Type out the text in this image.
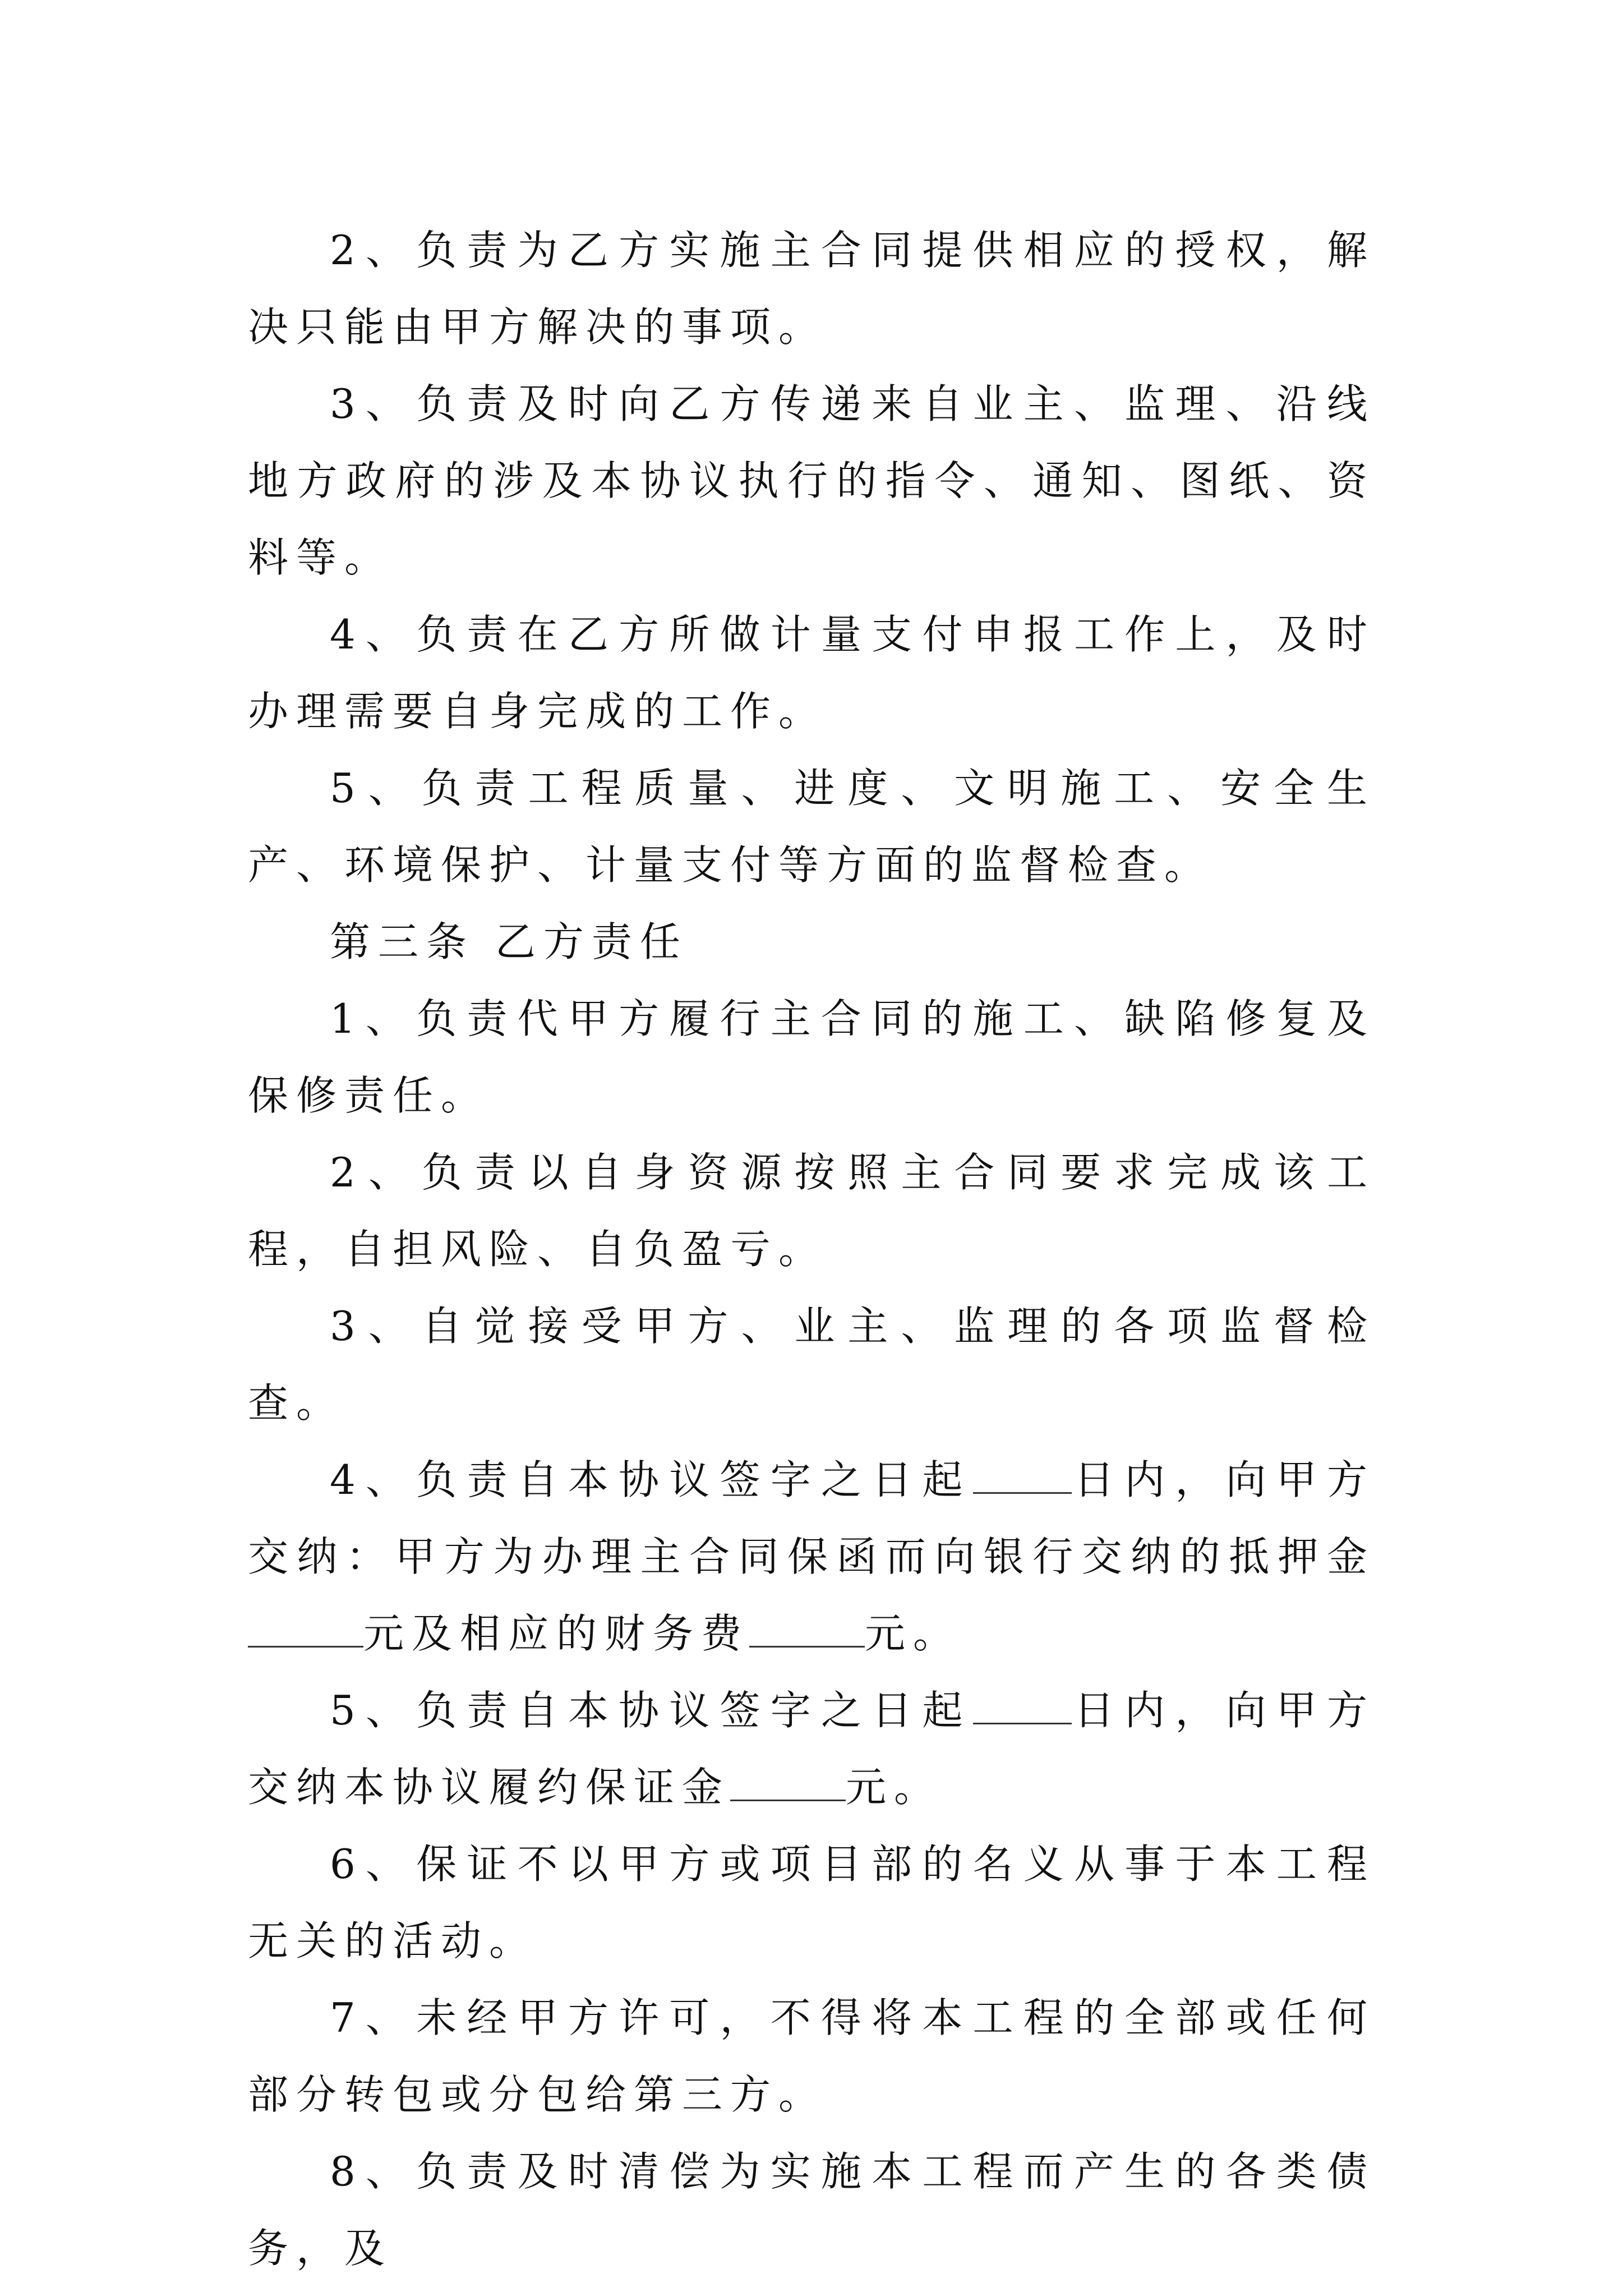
2、负责为乙方实施主合同提供相应的授权，解决只能由甲方解决的事项。

3、负责及时向乙方传递来自业主、监理、沿线地方政府的涉及本协议执行的指令、通知、图纸、资料等。

4、负责在乙方所做计量支付申报工作上，及时办理需要自身完成的工作。

5、负责工程质量、进度、文明施工、安全生产、环境保护、计量支付等方面的监督检查。

第三条 乙方责任

1、负责代甲方履行主合同的施工、缺陷修复及保修责任。

2、负责以自身资源按照主合同要求完成该工程，自担风险、自负盈亏。

3、自觉接受甲方、业主、监理的各项监督检查。

4、负责自本协议签字之日起 日内，向甲方交纳：甲方为办理主合同保函而向银行交纳的抵押金元及相应的财务费	元。

5、负责自本协议签字之日起 日内，向甲方交纳本协议履约保证金	元。

6、保证不以甲方或项目部的名义从事于本工程无关的活动。

7、未经甲方许可，不得将本工程的全部或任何部分转包或分包给第三方。

8、负责及时清偿为实施本工程而产生的各类债务，及
